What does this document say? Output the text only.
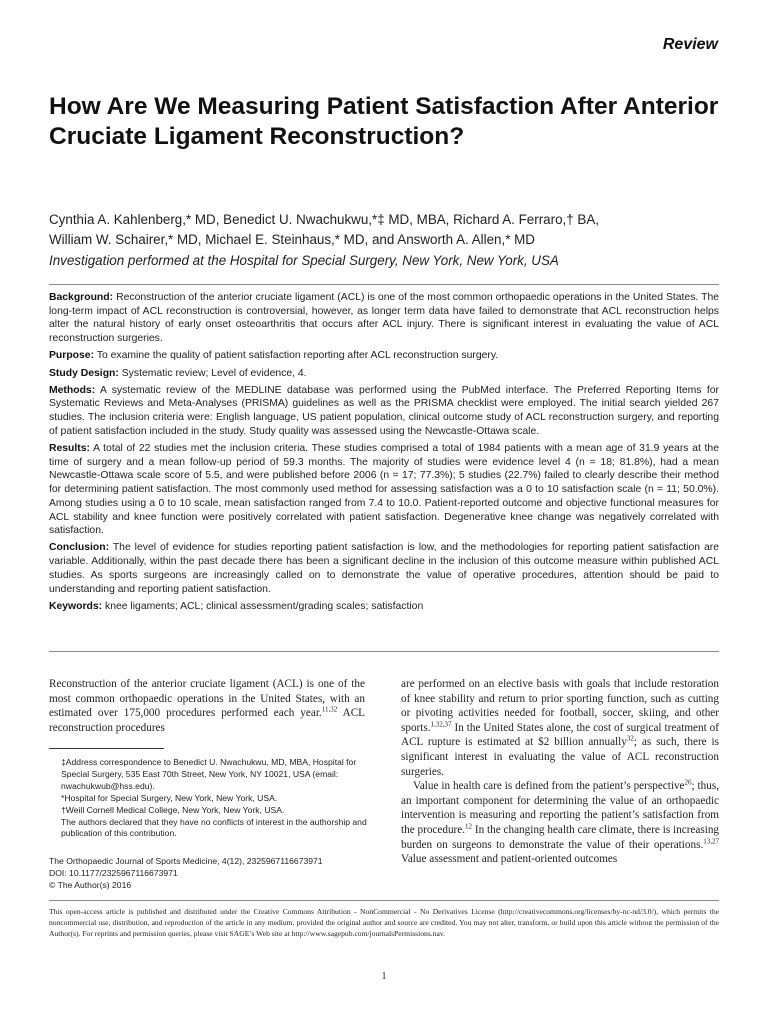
Review
How Are We Measuring Patient Satisfaction After Anterior Cruciate Ligament Reconstruction?
Cynthia A. Kahlenberg,* MD, Benedict U. Nwachukwu,*‡ MD, MBA, Richard A. Ferraro,† BA,
William W. Schairer,* MD, Michael E. Steinhaus,* MD, and Answorth A. Allen,* MD
Investigation performed at the Hospital for Special Surgery, New York, New York, USA

Background: Reconstruction of the anterior cruciate ligament (ACL) is one of the most common orthopaedic operations in the United States. The long-term impact of ACL reconstruction is controversial, however, as longer term data have failed to demonstrate that ACL reconstruction helps alter the natural history of early onset osteoarthritis that occurs after ACL injury. There is significant interest in evaluating the value of ACL reconstruction surgeries.

Purpose: To examine the quality of patient satisfaction reporting after ACL reconstruction surgery.

Study Design: Systematic review; Level of evidence, 4.

Methods: A systematic review of the MEDLINE database was performed using the PubMed interface. The Preferred Reporting Items for Systematic Reviews and Meta-Analyses (PRISMA) guidelines as well as the PRISMA checklist were employed. The initial search yielded 267 studies. The inclusion criteria were: English language, US patient population, clinical outcome study of ACL reconstruction surgery, and reporting of patient satisfaction included in the study. Study quality was assessed using the Newcastle-Ottawa scale.

Results: A total of 22 studies met the inclusion criteria. These studies comprised a total of 1984 patients with a mean age of 31.9 years at the time of surgery and a mean follow-up period of 59.3 months. The majority of studies were evidence level 4 (n = 18; 81.8%), had a mean Newcastle-Ottawa scale score of 5.5, and were published before 2006 (n = 17; 77.3%); 5 studies (22.7%) failed to clearly describe their method for determining patient satisfaction. The most commonly used method for assessing satisfaction was a 0 to 10 satisfaction scale (n = 11; 50.0%). Among studies using a 0 to 10 scale, mean satisfaction ranged from 7.4 to 10.0. Patient-reported outcome and objective functional measures for ACL stability and knee function were positively correlated with patient satisfaction. Degenerative knee change was negatively correlated with satisfaction.

Conclusion: The level of evidence for studies reporting patient satisfaction is low, and the methodologies for reporting patient satisfaction are variable. Additionally, within the past decade there has been a significant decline in the inclusion of this outcome measure within published ACL studies. As sports surgeons are increasingly called on to demonstrate the value of operative procedures, attention should be paid to understanding and reporting patient satisfaction.

Keywords: knee ligaments; ACL; clinical assessment/grading scales; satisfaction

Reconstruction of the anterior cruciate ligament (ACL) is one of the most common orthopaedic operations in the United States, with an estimated over 175,000 procedures performed each year.$^{11,32}$ ACL reconstruction procedures

‡Address correspondence to Benedict U. Nwachukwu, MD, MBA, Hospital for Special Surgery, 535 East 70th Street, New York, NY 10021, USA (email: nwachukwub@hss.edu).

*Hospital for Special Surgery, New York, New York, USA.

†Weill Cornell Medical College, New York, New York, USA.

The authors declared that they have no conflicts of interest in the authorship and publication of this contribution.

The Orthopaedic Journal of Sports Medicine, 4(12), 2325967116673971

DOI: 10.1177/2325967116673971

© The Author(s) 2016

are performed on an elective basis with goals that include restoration of knee stability and return to prior sporting function, such as cutting or pivoting activities needed for football, soccer, skiing, and other sports.$^{1,32,37}$ In the United States alone, the cost of surgical treatment of ACL rupture is estimated at $2 billion annually$^{32}$; as such, there is significant interest in evaluating the value of ACL reconstruction surgeries.

Value in health care is defined from the patient’s perspective$^{26}$; thus, an important component for determining the value of an orthopaedic intervention is measuring and reporting the patient’s satisfaction from the procedure.$^{12}$ In the changing health care climate, there is increasing burden on surgeons to demonstrate the value of their operations.$^{13,27}$ Value assessment and patient-oriented outcomes

This open-access article is published and distributed under the Creative Commons Attribution - NonCommercial - No Derivatives License (http://creativecommons.org/licenses/by-nc-nd/3.0/), which permits the noncommercial use, distribution, and reproduction of the article in any medium, provided the original author and source are credited. You may not alter, transform, or build upon this article without the permission of the Author(s). For reprints and permission queries, please visit SAGE’s Web site at http://www.sagepub.com/journalsPermissions.nav.
1
